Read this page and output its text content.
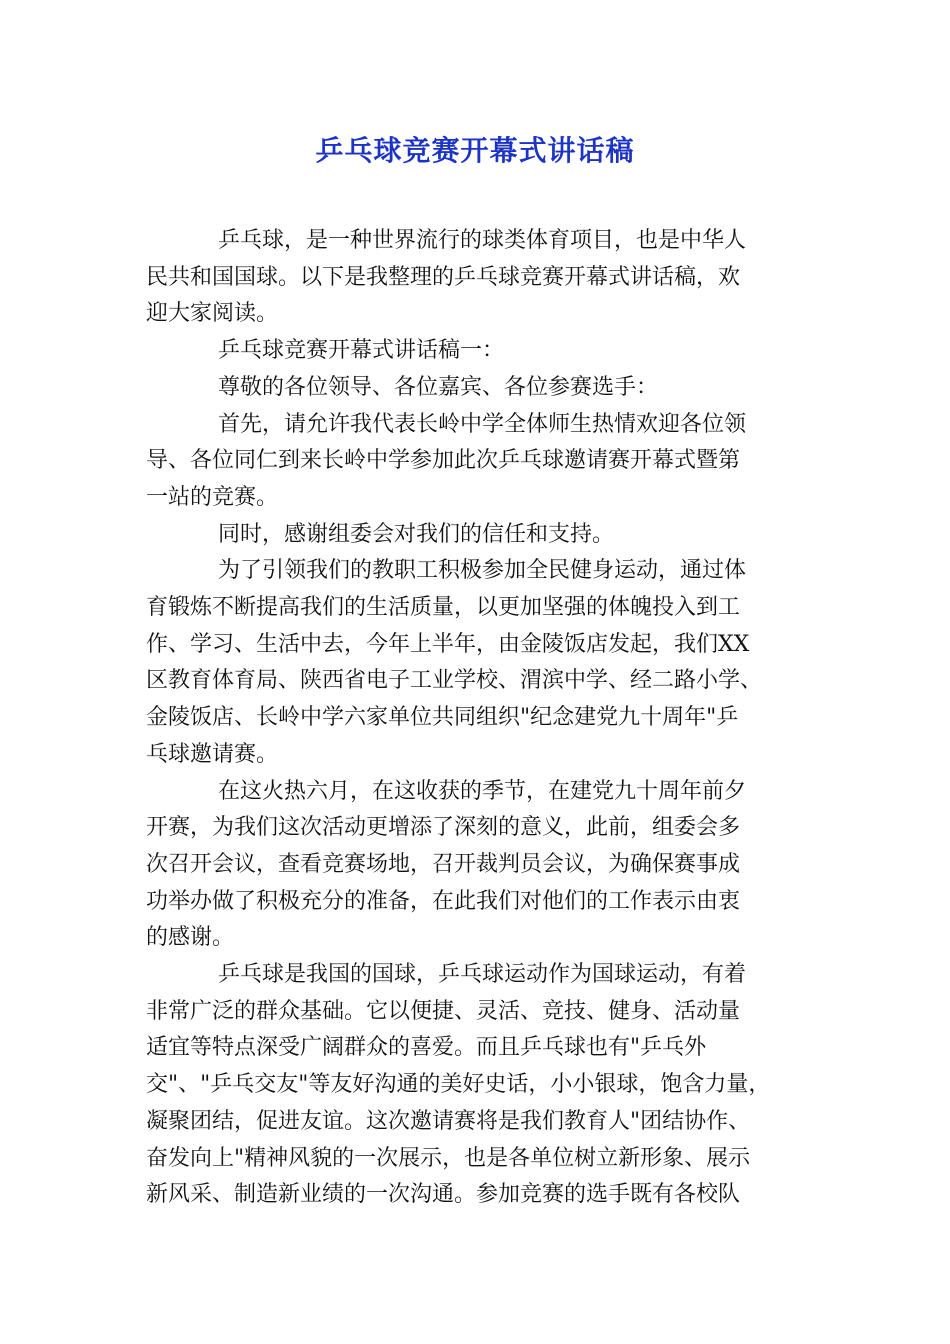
乒乓球竞赛开幕式讲话稿
乒乓球，是一种世界流行的球类体育项目，也是中华人
民共和国国球。以下是我整理的乒乓球竞赛开幕式讲话稿，欢
迎大家阅读。
乒乓球竞赛开幕式讲话稿一：
尊敬的各位领导、各位嘉宾、各位参赛选手：
首先，请允许我代表长岭中学全体师生热情欢迎各位领
导、各位同仁到来长岭中学参加此次乒乓球邀请赛开幕式暨第
一站的竞赛。
同时，感谢组委会对我们的信任和支持。
为了引领我们的教职工积极参加全民健身运动，通过体
育锻炼不断提高我们的生活质量，以更加坚强的体魄投入到工
作、学习、生活中去，今年上半年，由金陵饭店发起，我们XX
区教育体育局、陕西省电子工业学校、渭滨中学、经二路小学、
金陵饭店、长岭中学六家单位共同组织"纪念建党九十周年"乒
乓球邀请赛。
在这火热六月，在这收获的季节，在建党九十周年前夕
开赛，为我们这次活动更增添了深刻的意义，此前，组委会多
次召开会议，查看竞赛场地，召开裁判员会议，为确保赛事成
功举办做了积极充分的准备，在此我们对他们的工作表示由衷
的感谢。
乒乓球是我国的国球，乒乓球运动作为国球运动，有着
非常广泛的群众基础。它以便捷、灵活、竞技、健身、活动量
适宜等特点深受广阔群众的喜爱。而且乒乓球也有"乒乓外
交"、"乒乓交友"等友好沟通的美好史话，小小银球，饱含力量，
凝聚团结，促进友谊。这次邀请赛将是我们教育人"团结协作、
奋发向上"精神风貌的一次展示，也是各单位树立新形象、展示
新风采、制造新业绩的一次沟通。参加竞赛的选手既有各校队
